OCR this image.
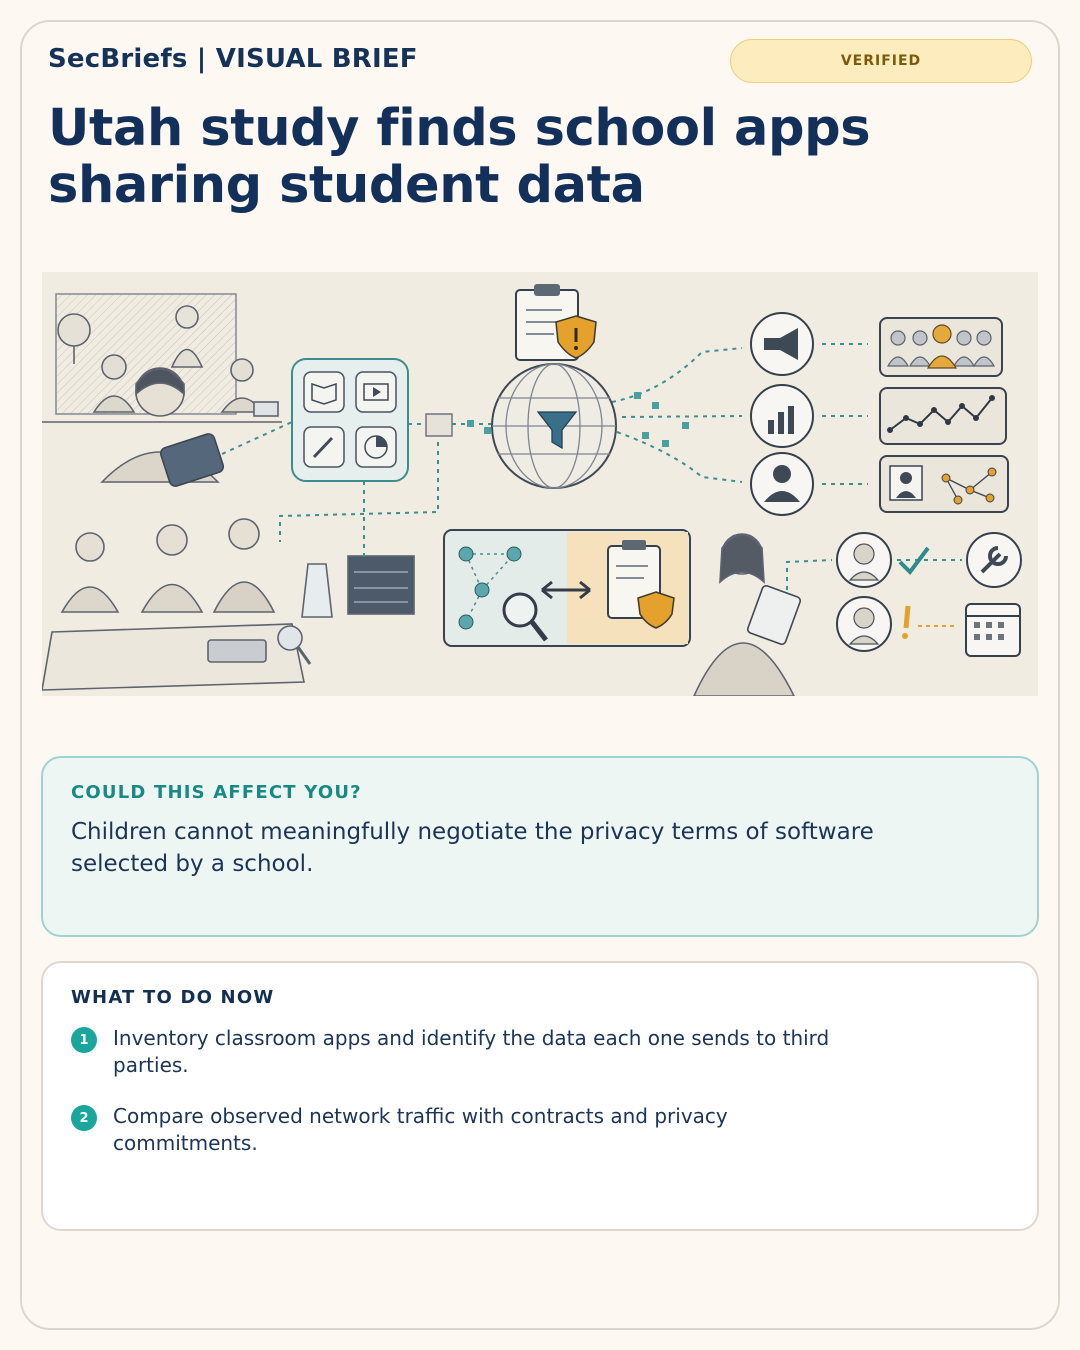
SecBriefs | VISUAL BRIEF	VERIFIED
Utah study finds school apps sharing student data
COULD THIS AFFECT YOU?
Children cannot meaningfully negotiate the privacy terms of software selected by a school.
WHAT TO DO NOW
1	Inventory classroom apps and identify the data each one sends to third parties.
2	Compare observed network traffic with contracts and privacy commitments.
